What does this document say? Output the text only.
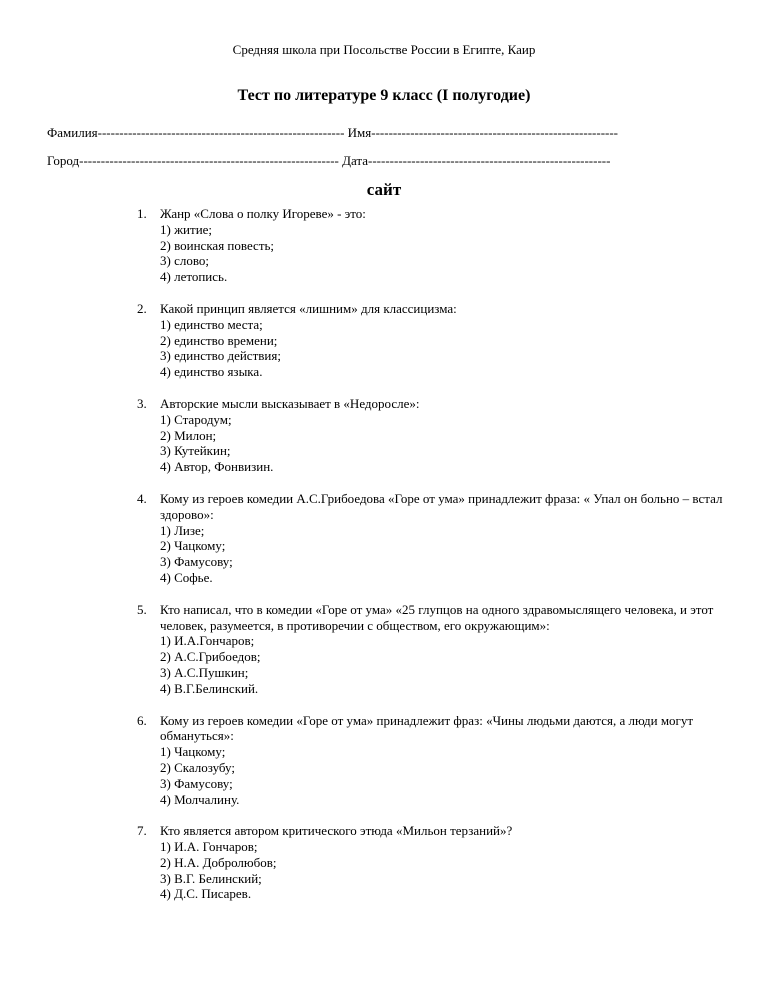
Средняя школа при Посольстве России в Египте, Каир
Тест по литературе 9 класс (I полугодие)
Фамилия--------------------------------------------------------- Имя---------------------------------------------------------
Город------------------------------------------------------------ Дата--------------------------------------------------------
сайт
1. Жанр «Слова о полку Игореве» - это:
1) житие;
2) воинская повесть;
3) слово;
4) летопись.
2. Какой принцип является «лишним» для классицизма:
1) единство места;
2) единство времени;
3) единство действия;
4) единство языка.
3. Авторские мысли высказывает в «Недоросле»:
1) Стародум;
2) Милон;
3) Кутейкин;
4) Автор, Фонвизин.
4. Кому из героев комедии А.С.Грибоедова «Горе от ума» принадлежит фраза: « Упал он больно – встал здорово»:
1) Лизе;
2) Чацкому;
3) Фамусову;
4) Софье.
5. Кто написал, что в комедии «Горе от ума» «25 глупцов на одного здравомыслящего человека, и этот человек, разумеется, в противоречии с обществом, его окружающим»:
1) И.А.Гончаров;
2) А.С.Грибоедов;
3) А.С.Пушкин;
4) В.Г.Белинский.
6. Кому из героев комедии «Горе от ума» принадлежит фраз: «Чины людьми даются, а люди могут обмануться»:
1) Чацкому;
2) Скалозубу;
3) Фамусову;
4) Молчалину.
7. Кто является автором критического этюда «Мильон терзаний»?
1) И.А. Гончаров;
2) Н.А. Добролюбов;
3) В.Г. Белинский;
4) Д.С. Писарев.
